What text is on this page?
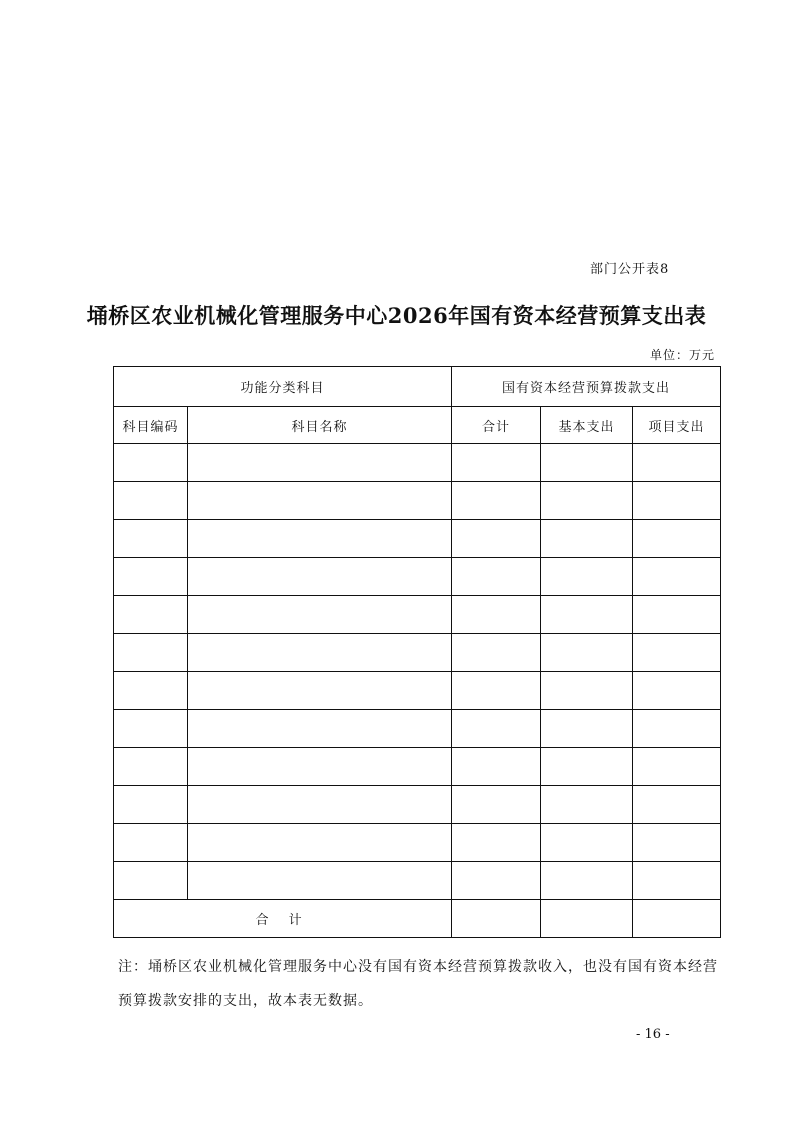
部门公开表8
埇桥区农业机械化管理服务中心2026年国有资本经营预算支出表
单位：万元
功能分类科目		国有资本经营预算拨款支出		
科目编码	科目名称	合计	基本支出	项目支出

合 计				
注：埇桥区农业机械化管理服务中心没有国有资本经营预算拨款收入，也没有国有资本经营预算拨款安排的支出，故本表无数据。
- 16 -
